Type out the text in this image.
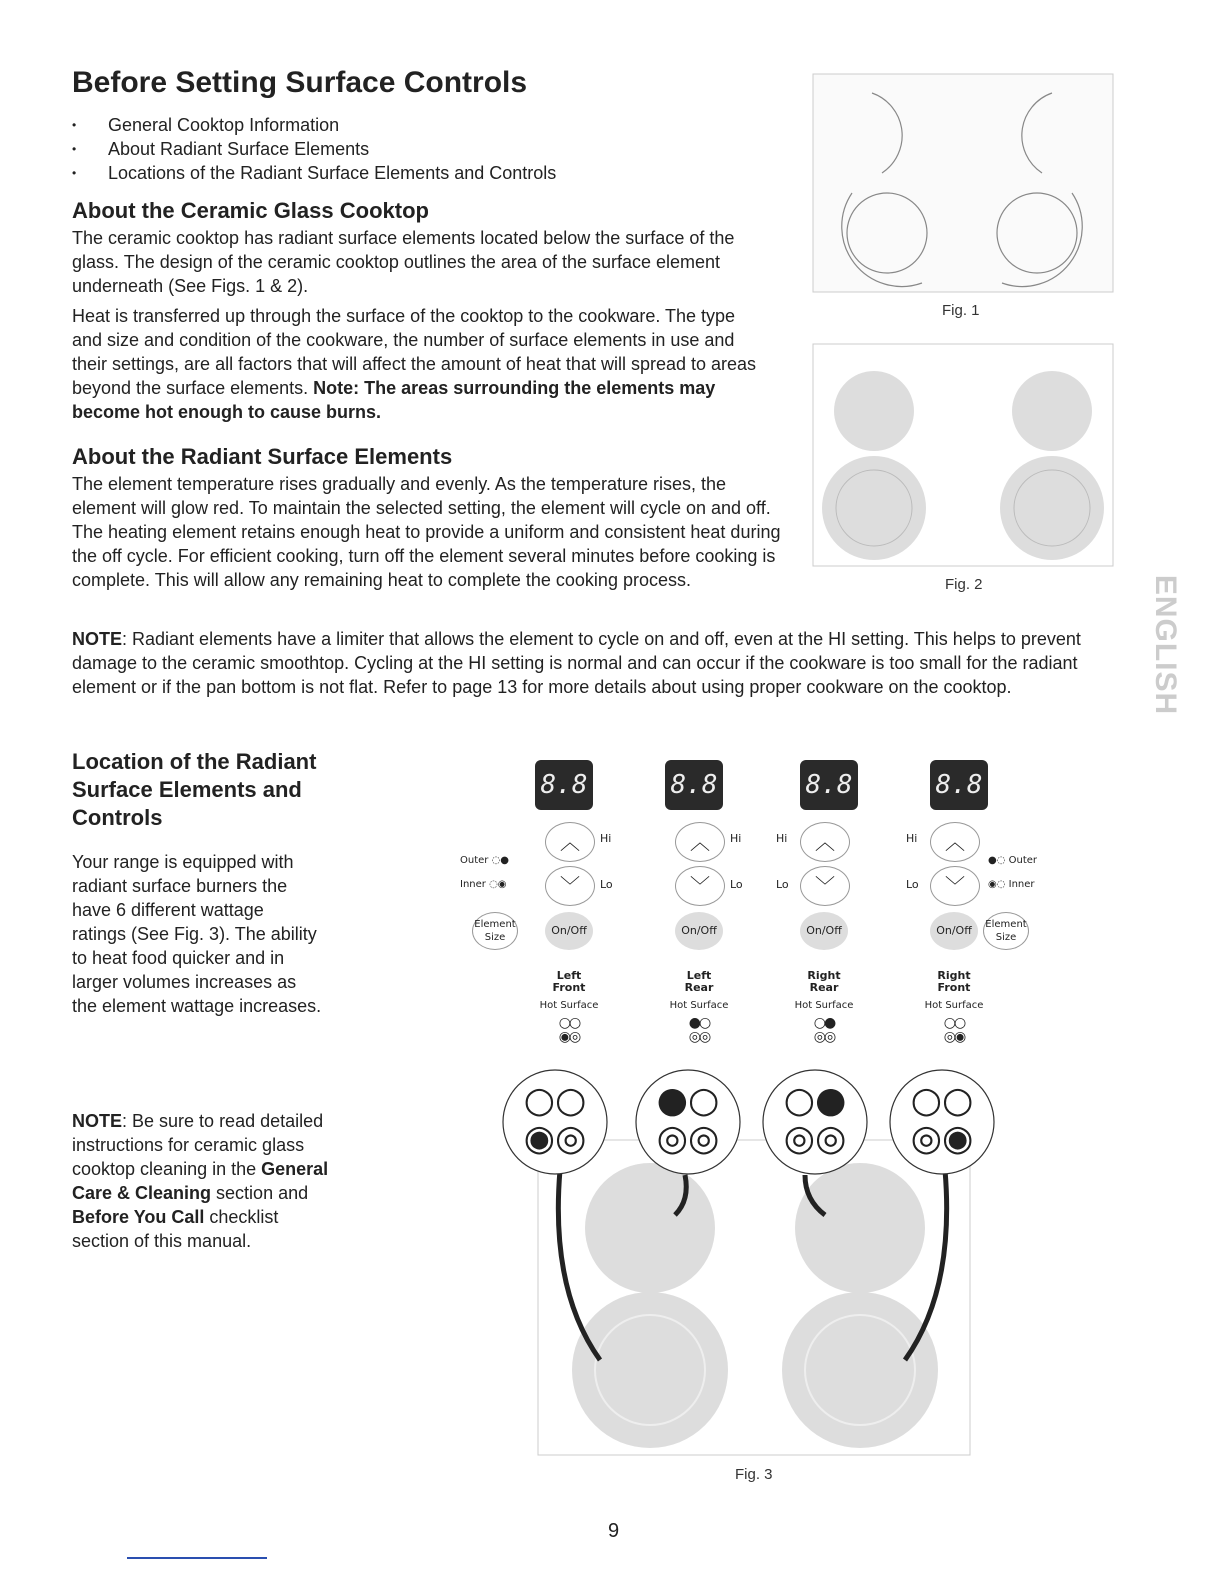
Before Setting Surface Controls
• General Cooktop Information
• About Radiant Surface Elements
• Locations of the Radiant Surface Elements and Controls
About the Ceramic Glass Cooktop

The ceramic cooktop has radiant surface elements located below the surface of the glass. The design of the ceramic cooktop outlines the area of the surface element underneath (See Figs. 1 & 2).

Heat is transferred up through the surface of the cooktop to the cookware. The type and size and condition of the cookware, the number of surface elements in use and their settings, are all factors that will affect the amount of heat that will spread to areas beyond the surface elements. Note: The areas surrounding the elements may become hot enough to cause burns.

About the Radiant Surface Elements

The element temperature rises gradually and evenly. As the temperature rises, the element will glow red. To maintain the selected setting, the element will cycle on and off. The heating element retains enough heat to provide a uniform and consistent heat during the off cycle. For efficient cooking, turn off the element several minutes before cooking is complete. This will allow any remaining heat to complete the cooking process.

NOTE: Radiant elements have a limiter that allows the element to cycle on and off, even at the HI setting. This helps to prevent damage to the ceramic smoothtop. Cycling at the HI setting is normal and can occur if the cookware is too small for the radiant element or if the pan bottom is not flat. Refer to page 13 for more details about using proper cookware on the cooktop.
Fig. 1
Fig. 2	ENGLISH
Location of the Radiant Surface Elements and Controls

Your range is equipped with radiant surface burners the have 6 different wattage ratings (See Fig. 3). The ability to heat food quicker and in larger volumes increases as the element wattage increases.

NOTE: Be sure to read detailed instructions for ceramic glass cooktop cleaning in the General Care & Cleaning section and Before You Call checklist section of this manual.

8.8
︿	Hi
﹀	Lo
On/Off
Left
Front
Hot Surface
○○
◉◎
Element
Size
Outer ◌●
Inner ◌◉
8.8
︿	Hi
﹀	Lo
On/Off
Left
Rear
Hot Surface
●○
◎◎
8.8
︿
Hi
﹀
Lo
On/Off
Right
Rear
Hot Surface
○●
◎◎
8.8
︿
Hi
﹀
Lo
On/Off
Right
Front
Hot Surface
○○
◎◉
Element
Size
●◌ Outer
◉◌ Inner
○○
◉◎
●○
◎◎
○●
◎◎
○○
◎◉
Fig. 3
9
